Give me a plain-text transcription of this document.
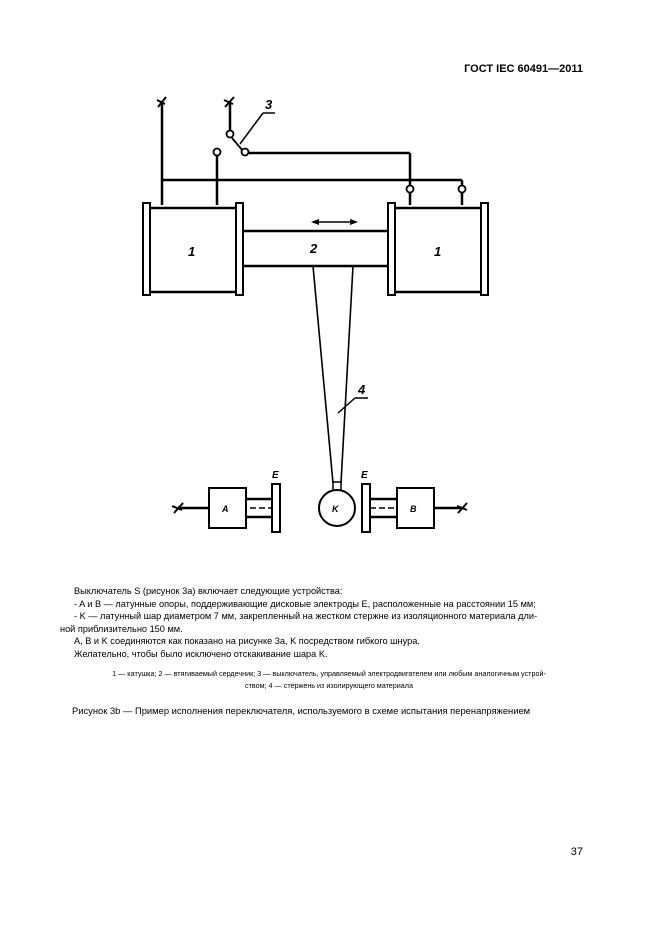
ГОСТ IEC 60491—2011
1	1
2
3
4
E	E
A	B
K

Выключатель S (рисунок 3а) включает следующие устройства:

- A и B — латунные опоры, поддерживающие дисковые электроды E, расположенные на расстоянии 15 мм;

- K — латунный шар диаметром 7 мм, закрепленный на жестком стержне из изоляционного материала дли-

ной приблизительно 150 мм.

A, B и K соединяются как показано на рисунке 3а, K посредством гибкого шнура.

Желательно, чтобы было исключено отскакивание шара K.

1 — катушка; 2 — втягиваемый сердечник; 3 — выключатель, управляемый электродвигателем или любым аналогичным устрой-
ством; 4 — стержень из изолирующего материала
Рисунок 3b — Пример исполнения переключателя, используемого в схеме испытания перенапряжением
37
